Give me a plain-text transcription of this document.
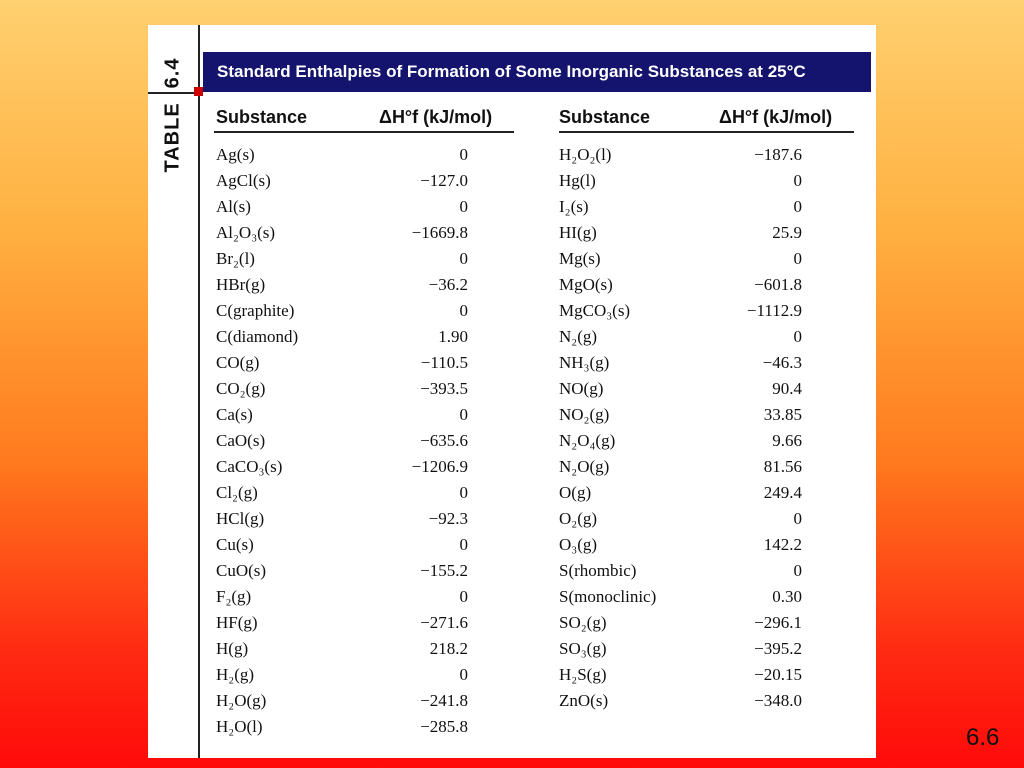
TABLE6.4 Standard Enthalpies of Formation of Some Inorganic Substances at 25°C
Substance	ΔH°f (kJ/mol)	Substance	ΔH°f (kJ/mol)
Ag(s)	0
AgCl(s)	−127.0
Al(s)	0
Al₂O₃(s)	−1669.8
Br₂(l)	0
HBr(g)	−36.2
C(graphite)	0
C(diamond)	1.90
CO(g)	−110.5
CO₂(g)	−393.5
Ca(s)	0
CaO(s)	−635.6
CaCO₃(s)	−1206.9
Cl₂(g)	0
HCl(g)	−92.3
Cu(s)	0
CuO(s)	−155.2
F₂(g)	0
HF(g)	−271.6
H(g)	218.2
H₂(g)	0
H₂O(g)	−241.8
H₂O(l)	−285.8
H₂O₂(l)	−187.6
Hg(l)	0
I₂(s)	0
HI(g)	25.9
Mg(s)	0
MgO(s)	−601.8
MgCO₃(s)	−1112.9
N₂(g)	0
NH₃(g)	−46.3
NO(g)	90.4
NO₂(g)	33.85
N₂O₄(g)	9.66
N₂O(g)	81.56
O(g)	249.4
O₂(g)	0
O₃(g)	142.2
S(rhombic)	0
S(monoclinic)	0.30
SO₂(g)	−296.1
SO₃(g)	−395.2
H₂S(g)	−20.15
ZnO(s)	−348.0
6.6
